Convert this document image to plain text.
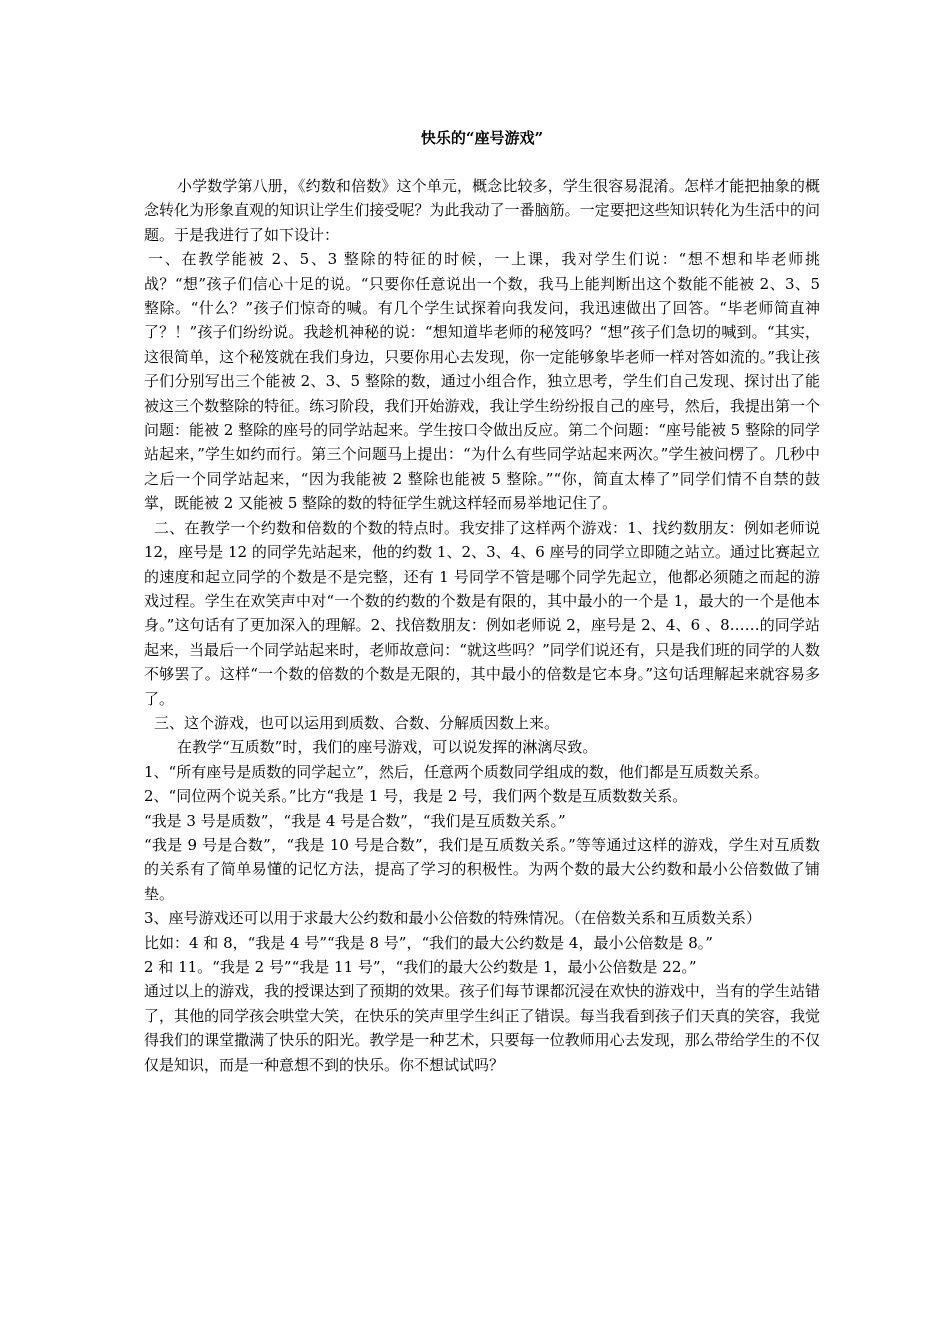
快乐的“座号游戏”

小学数学第八册，《约数和倍数》这个单元，概念比较多，学生很容易混淆。怎样才能把抽象的概念转化为形象直观的知识让学生们接受呢？为此我动了一番脑筋。一定要把这些知识转化为生活中的问题。于是我进行了如下设计：

一、在教学能被 2、5、3 整除的特征的时候，一上课，我对学生们说：“想不想和毕老师挑战？“想”孩子们信心十足的说。“只要你任意说出一个数，我马上能判断出这个数能不能被 2、3、5 整除。“什么？”孩子们惊奇的喊。有几个学生试探着向我发问，我迅速做出了回答。“毕老师简直神了？！”孩子们纷纷说。我趁机神秘的说：“想知道毕老师的秘笈吗？“想”孩子们急切的喊到。“其实，这很简单，这个秘笈就在我们身边，只要你用心去发现，你一定能够象毕老师一样对答如流的。”我让孩子们分别写出三个能被 2、3、5 整除的数，通过小组合作，独立思考，学生们自己发现、探讨出了能被这三个数整除的特征。练习阶段，我们开始游戏，我让学生纷纷报自己的座号，然后，我提出第一个问题：能被 2 整除的座号的同学站起来。学生按口令做出反应。第二个问题：“座号能被 5 整除的同学站起来，”学生如约而行。第三个问题马上提出：“为什么有些同学站起来两次。”学生被问楞了。几秒中之后一个同学站起来，“因为我能被 2 整除也能被 5 整除。”“你，简直太棒了”同学们情不自禁的鼓掌，既能被 2 又能被 5 整除的数的特征学生就这样轻而易举地记住了。

二、在教学一个约数和倍数的个数的特点时。我安排了这样两个游戏：1、找约数朋友：例如老师说 12，座号是 12 的同学先站起来，他的约数 1、2、3、4、6 座号的同学立即随之站立。通过比赛起立的速度和起立同学的个数是不是完整，还有 1 号同学不管是哪个同学先起立，他都必须随之而起的游戏过程。学生在欢笑声中对“一个数的约数的个数是有限的，其中最小的一个是 1，最大的一个是他本身。”这句话有了更加深入的理解。2、找倍数朋友：例如老师说 2，座号是 2、4、6 、8……的同学站起来，当最后一个同学站起来时，老师故意问：“就这些吗？”同学们说还有，只是我们班的同学的人数不够罢了。这样“一个数的倍数的个数是无限的，其中最小的倍数是它本身。”这句话理解起来就容易多了。

三、这个游戏，也可以运用到质数、合数、分解质因数上来。

在教学“互质数”时，我们的座号游戏，可以说发挥的淋漓尽致。

1、“所有座号是质数的同学起立”，然后，任意两个质数同学组成的数，他们都是互质数关系。

2、“同位两个说关系。”比方“我是 1 号，我是 2 号，我们两个数是互质数数关系。

“我是 3 号是质数”，“我是 4 号是合数”，“我们是互质数关系。”

“我是 9 号是合数”，“我是 10 号是合数”，我们是互质数关系。”等等通过这样的游戏，学生对互质数的关系有了简单易懂的记忆方法，提高了学习的积极性。为两个数的最大公约数和最小公倍数做了铺垫。

3、座号游戏还可以用于求最大公约数和最小公倍数的特殊情况。（在倍数关系和互质数关系）

比如：4 和 8，“我是 4 号”“我是 8 号”，“我们的最大公约数是 4，最小公倍数是 8。”

2 和 11。“我是 2 号”“我是 11 号”，“我们的最大公约数是 1，最小公倍数是 22。”

通过以上的游戏，我的授课达到了预期的效果。孩子们每节课都沉浸在欢快的游戏中，当有的学生站错了，其他的同学孩会哄堂大笑，在快乐的笑声里学生纠正了错误。每当我看到孩子们天真的笑容，我觉得我们的课堂撒满了快乐的阳光。教学是一种艺术，只要每一位教师用心去发现，那么带给学生的不仅仅是知识，而是一种意想不到的快乐。你不想试试吗？
